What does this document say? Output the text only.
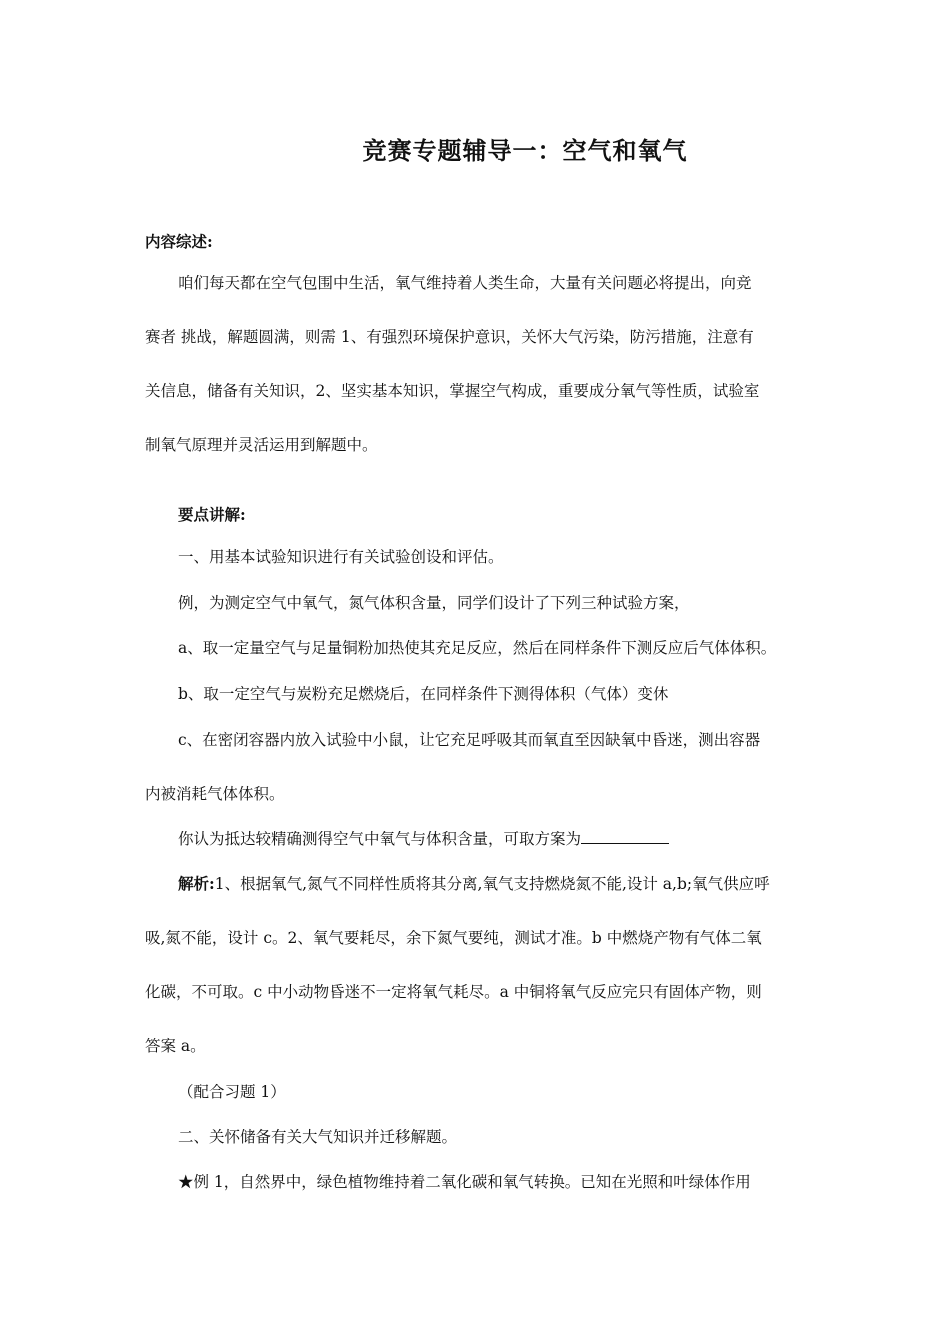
竞赛专题辅导一：空气和氧气
内容综述:
咱们每天都在空气包围中生活，氧气维持着人类生命，大量有关问题必将提出，向竞
赛者 挑战，解题圆满，则需 1、有强烈环境保护意识，关怀大气污染，防污措施，注意有
关信息，储备有关知识，2、坚实基本知识，掌握空气构成，重要成分氧气等性质，试验室
制氧气原理并灵活运用到解题中。
要点讲解:
一、用基本试验知识进行有关试验创设和评估。
例，为测定空气中氧气，氮气体积含量，同学们设计了下列三种试验方案，
a、取一定量空气与足量铜粉加热使其充足反应，然后在同样条件下测反应后气体体积。
b、取一定空气与炭粉充足燃烧后，在同样条件下测得体积（气体）变休
c、在密闭容器内放入试验中小鼠，让它充足呼吸其而氧直至因缺氧中昏迷，测出容器
内被消耗气体体积。
你认为抵达较精确测得空气中氧气与体积含量，可取方案为
解析:1、根据氧气,氮气不同样性质将其分离,氧气支持燃烧氮不能,设计 a,b;氧气供应呼
吸,氮不能，设计 c。2、氧气要耗尽，余下氮气要纯，测试才准。b 中燃烧产物有气体二氧
化碳，不可取。c 中小动物昏迷不一定将氧气耗尽。a 中铜将氧气反应完只有固体产物，则
答案 a。
（配合习题 1）
二、关怀储备有关大气知识并迁移解题。
★例 1，自然界中，绿色植物维持着二氧化碳和氧气转换。已知在光照和叶绿体作用
